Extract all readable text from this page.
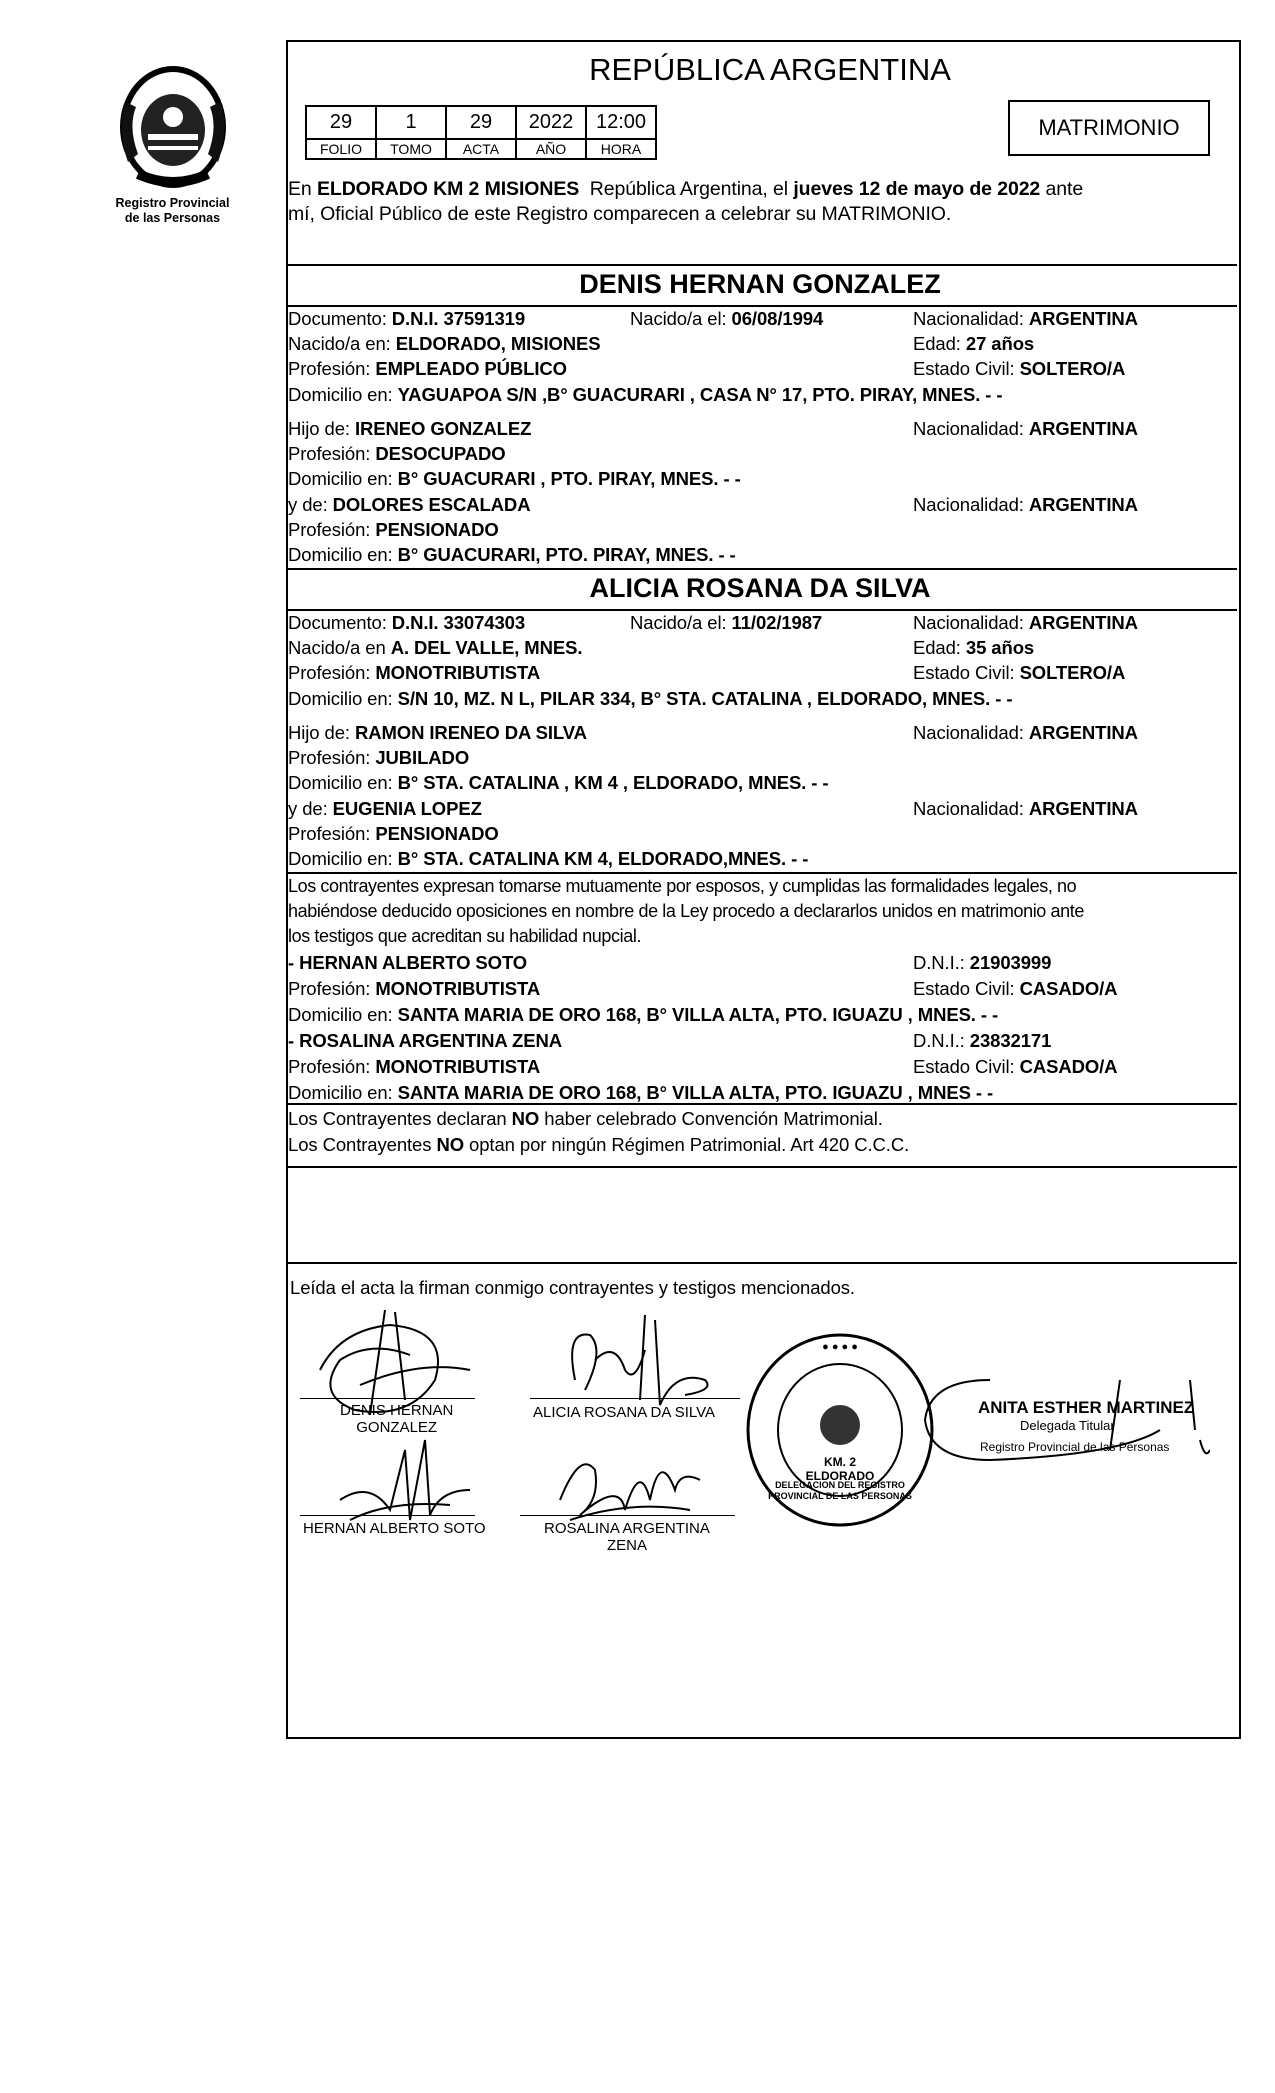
Registro Provincial
de las Personas
REPÚBLICA ARGENTINA
29	1	29	2022	12:00
FOLIO	TOMO	ACTA	AÑO	HORA
MATRIMONIO
En ELDORADO KM 2 MISIONES  República Argentina, el jueves 12 de mayo de 2022 ante
mí, Oficial Público de este Registro comparecen a celebrar su MATRIMONIO.
DENIS HERNAN GONZALEZ
Documento: D.N.I. 37591319	Nacido/a el: 06/08/1994	Nacionalidad: ARGENTINA
Nacido/a en: ELDORADO, MISIONES	Edad: 27 años
Profesión: EMPLEADO PÚBLICO	Estado Civil: SOLTERO/A
Domicilio en: YAGUAPOA S/N ,B° GUACURARI , CASA N° 17, PTO. PIRAY, MNES. - -
Hijo de: IRENEO GONZALEZ	Nacionalidad: ARGENTINA
Profesión: DESOCUPADO
Domicilio en: B° GUACURARI , PTO. PIRAY, MNES. - -
y de: DOLORES ESCALADA	Nacionalidad: ARGENTINA
Profesión: PENSIONADO
Domicilio en: B° GUACURARI, PTO. PIRAY, MNES. - -
ALICIA ROSANA DA SILVA
Documento: D.N.I. 33074303	Nacido/a el: 11/02/1987	Nacionalidad: ARGENTINA
Nacido/a en A. DEL VALLE, MNES.	Edad: 35 años
Profesión: MONOTRIBUTISTA	Estado Civil: SOLTERO/A
Domicilio en: S/N 10, MZ. N L, PILAR 334, B° STA. CATALINA , ELDORADO, MNES. - -
Hijo de: RAMON IRENEO DA SILVA	Nacionalidad: ARGENTINA
Profesión: JUBILADO
Domicilio en: B° STA. CATALINA , KM 4 , ELDORADO, MNES. - -
y de: EUGENIA LOPEZ	Nacionalidad: ARGENTINA
Profesión: PENSIONADO
Domicilio en: B° STA. CATALINA KM 4, ELDORADO,MNES. - -
Los contrayentes expresan tomarse mutuamente por esposos, y cumplidas las formalidades legales, no
habiéndose deducido oposiciones en nombre de la Ley procedo a declararlos unidos en matrimonio ante
los testigos que acreditan su habilidad nupcial.
- HERNAN ALBERTO SOTO	D.N.I.: 21903999
Profesión: MONOTRIBUTISTA	Estado Civil: CASADO/A
Domicilio en: SANTA MARIA DE ORO 168, B° VILLA ALTA, PTO. IGUAZU , MNES. - -
- ROSALINA ARGENTINA ZENA	D.N.I.: 23832171
Profesión: MONOTRIBUTISTA	Estado Civil: CASADO/A
Domicilio en: SANTA MARIA DE ORO 168, B° VILLA ALTA, PTO. IGUAZU , MNES - -
Los Contrayentes declaran NO haber celebrado Convención Matrimonial.
Los Contrayentes NO optan por ningún Régimen Patrimonial. Art 420 C.C.C.
Leída el acta la firman conmigo contrayentes y testigos mencionados.
DENIS HERNAN
GONZALEZ
ALICIA ROSANA DA SILVA
HERNAN ALBERTO SOTO	ROSALINA ARGENTINA
ZENA
● ● ● ●
DELEGACION DEL REGISTRO PROVINCIAL DE LAS PERSONAS
KM. 2 ELDORADO
ANITA ESTHER MARTINEZ
Delegada Titular
Registro Provincial de las Personas
